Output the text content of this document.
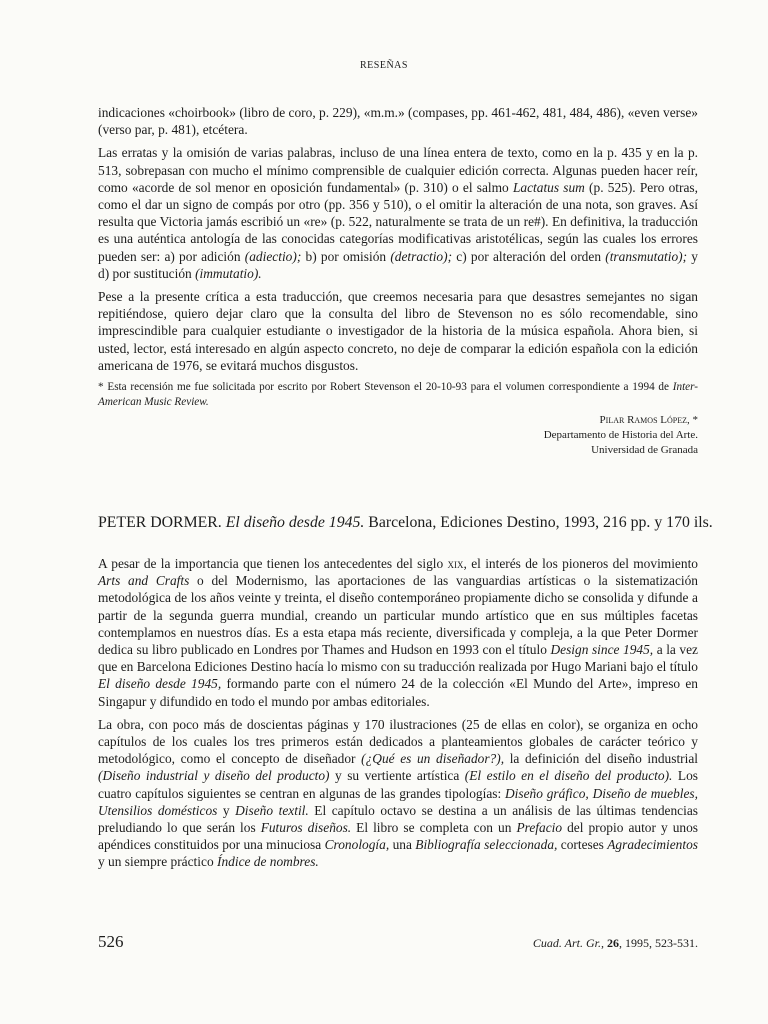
RESEÑAS

indicaciones «choirbook» (libro de coro, p. 229), «m.m.» (compases, pp. 461-462, 481, 484, 486), «even verse» (verso par, p. 481), etcétera.

Las erratas y la omisión de varias palabras, incluso de una línea entera de texto, como en la p. 435 y en la p. 513, sobrepasan con mucho el mínimo comprensible de cualquier edición correcta. Algunas pueden hacer reír, como «acorde de sol menor en oposición fundamental» (p. 310) o el salmo Lactatus sum (p. 525). Pero otras, como el dar un signo de compás por otro (pp. 356 y 510), o el omitir la alteración de una nota, son graves. Así resulta que Victoria jamás escribió un «re» (p. 522, naturalmente se trata de un re#). En definitiva, la traducción es una auténtica antología de las conocidas categorías modificativas aristotélicas, según las cuales los errores pueden ser: a) por adición (adiectio); b) por omisión (detractio); c) por alteración del orden (transmutatio); y d) por sustitución (immutatio).

Pese a la presente crítica a esta traducción, que creemos necesaria para que desastres semejantes no sigan repitiéndose, quiero dejar claro que la consulta del libro de Stevenson no es sólo recomendable, sino imprescindible para cualquier estudiante o investigador de la historia de la música española. Ahora bien, si usted, lector, está interesado en algún aspecto concreto, no deje de comparar la edición española con la edición americana de 1976, se evitará muchos disgustos.

* Esta recensión me fue solicitada por escrito por Robert Stevenson el 20-10-93 para el volumen correspondiente a 1994 de Inter-American Music Review.

Pilar Ramos López, *
Departamento de Historia del Arte.
Universidad de Granada
PETER DORMER. El diseño desde 1945. Barcelona, Ediciones Destino, 1993, 216 pp. y 170 ils.

A pesar de la importancia que tienen los antecedentes del siglo xix, el interés de los pioneros del movimiento Arts and Crafts o del Modernismo, las aportaciones de las vanguardias artísticas o la sistematización metodológica de los años veinte y treinta, el diseño contemporáneo propiamente dicho se consolida y difunde a partir de la segunda guerra mundial, creando un particular mundo artístico que en sus múltiples facetas contemplamos en nuestros días. Es a esta etapa más reciente, diversificada y compleja, a la que Peter Dormer dedica su libro publicado en Londres por Thames and Hudson en 1993 con el título Design since 1945, a la vez que en Barcelona Ediciones Destino hacía lo mismo con su traducción realizada por Hugo Mariani bajo el título El diseño desde 1945, formando parte con el número 24 de la colección «El Mundo del Arte», impreso en Singapur y difundido en todo el mundo por ambas editoriales.

La obra, con poco más de doscientas páginas y 170 ilustraciones (25 de ellas en color), se organiza en ocho capítulos de los cuales los tres primeros están dedicados a planteamientos globales de carácter teórico y metodológico, como el concepto de diseñador (¿Qué es un diseñador?), la definición del diseño industrial (Diseño industrial y diseño del producto) y su vertiente artística (El estilo en el diseño del producto). Los cuatro capítulos siguientes se centran en algunas de las grandes tipologías: Diseño gráfico, Diseño de muebles, Utensilios domésticos y Diseño textil. El capítulo octavo se destina a un análisis de las últimas tendencias preludiando lo que serán los Futuros diseños. El libro se completa con un Prefacio del propio autor y unos apéndices constituidos por una minuciosa Cronología, una Bibliografía seleccionada, corteses Agradecimientos y un siempre práctico Índice de nombres.

526	Cuad. Art. Gr., 26, 1995, 523-531.
